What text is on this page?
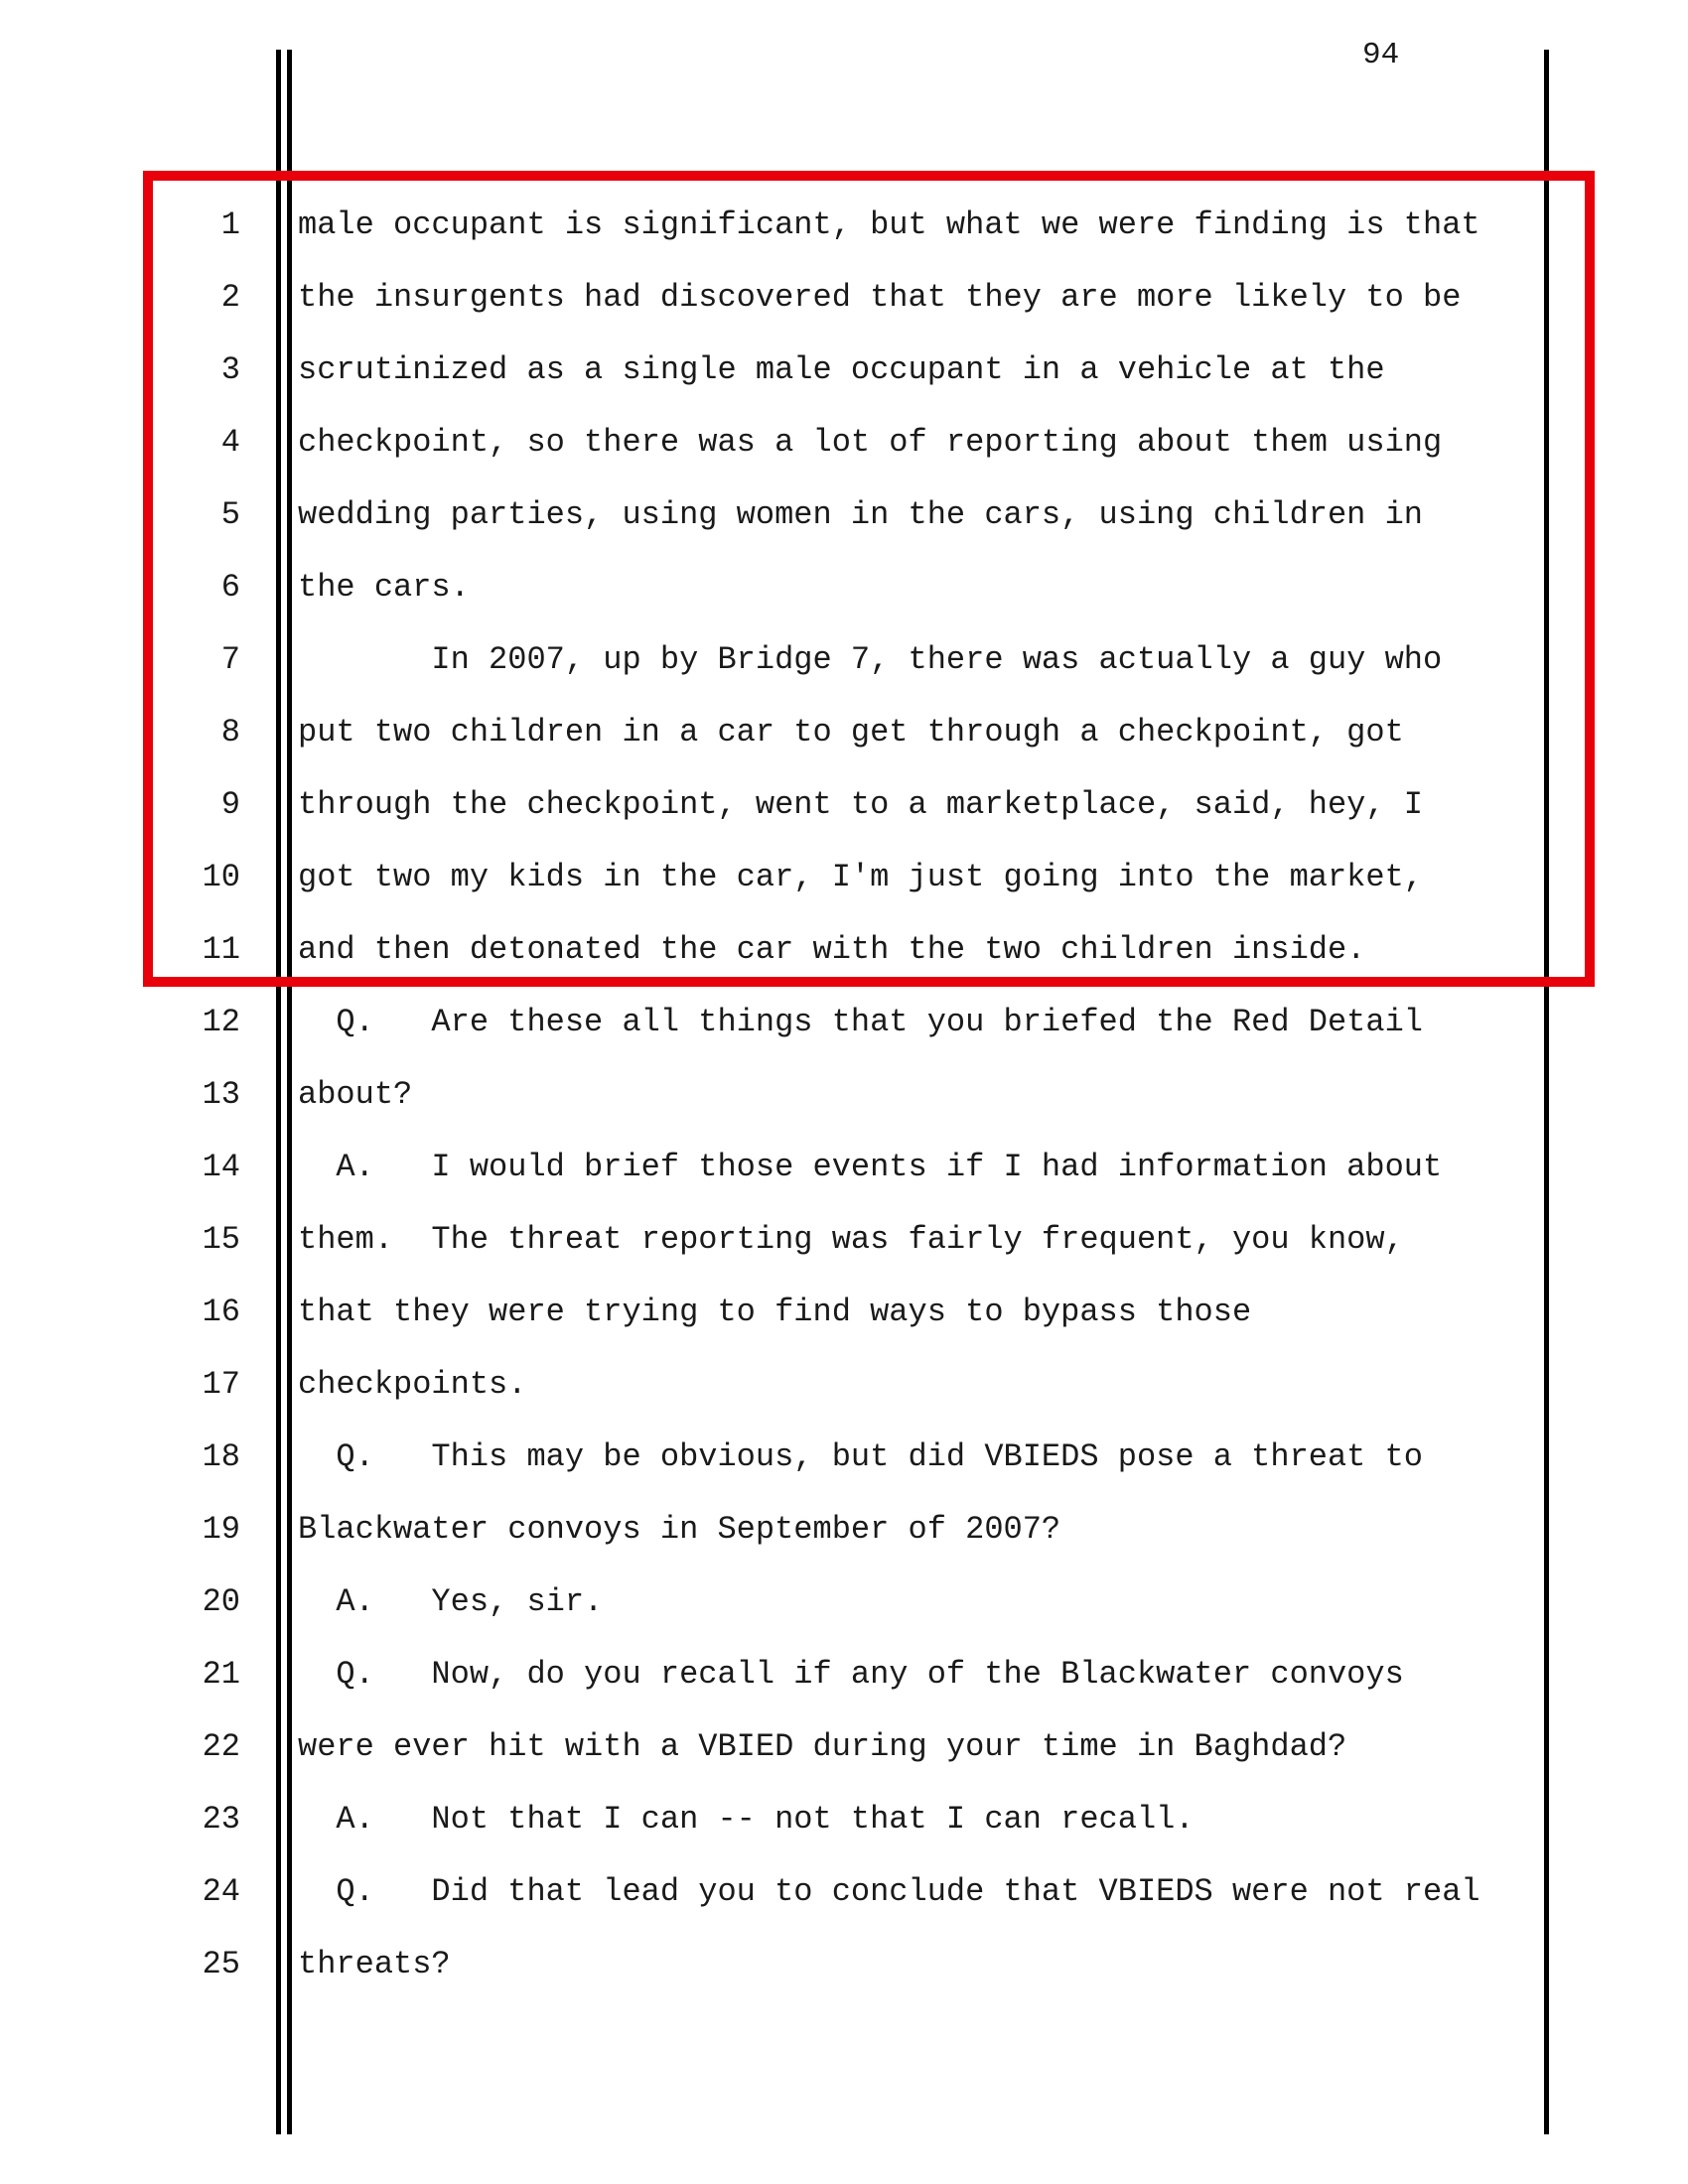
94
1 male occupant is significant, but what we were finding is that
2 the insurgents had discovered that they are more likely to be
3 scrutinized as a single male occupant in a vehicle at the
4 checkpoint, so there was a lot of reporting about them using
5 wedding parties, using women in the cars, using children in
6 the cars.
7 In 2007, up by Bridge 7, there was actually a guy who
8 put two children in a car to get through a checkpoint, got
9 through the checkpoint, went to a marketplace, said, hey, I
10 got two my kids in the car, I'm just going into the market,
11 and then detonated the car with the two children inside.
12 Q.   Are these all things that you briefed the Red Detail
13 about?
14 A.   I would brief those events if I had information about
15 them.  The threat reporting was fairly frequent, you know,
16 that they were trying to find ways to bypass those
17 checkpoints.
18 Q.   This may be obvious, but did VBIEDS pose a threat to
19 Blackwater convoys in September of 2007?
20 A.   Yes, sir.
21 Q.   Now, do you recall if any of the Blackwater convoys
22 were ever hit with a VBIED during your time in Baghdad?
23 A.   Not that I can -- not that I can recall.
24 Q.   Did that lead you to conclude that VBIEDS were not real
25 threats?
